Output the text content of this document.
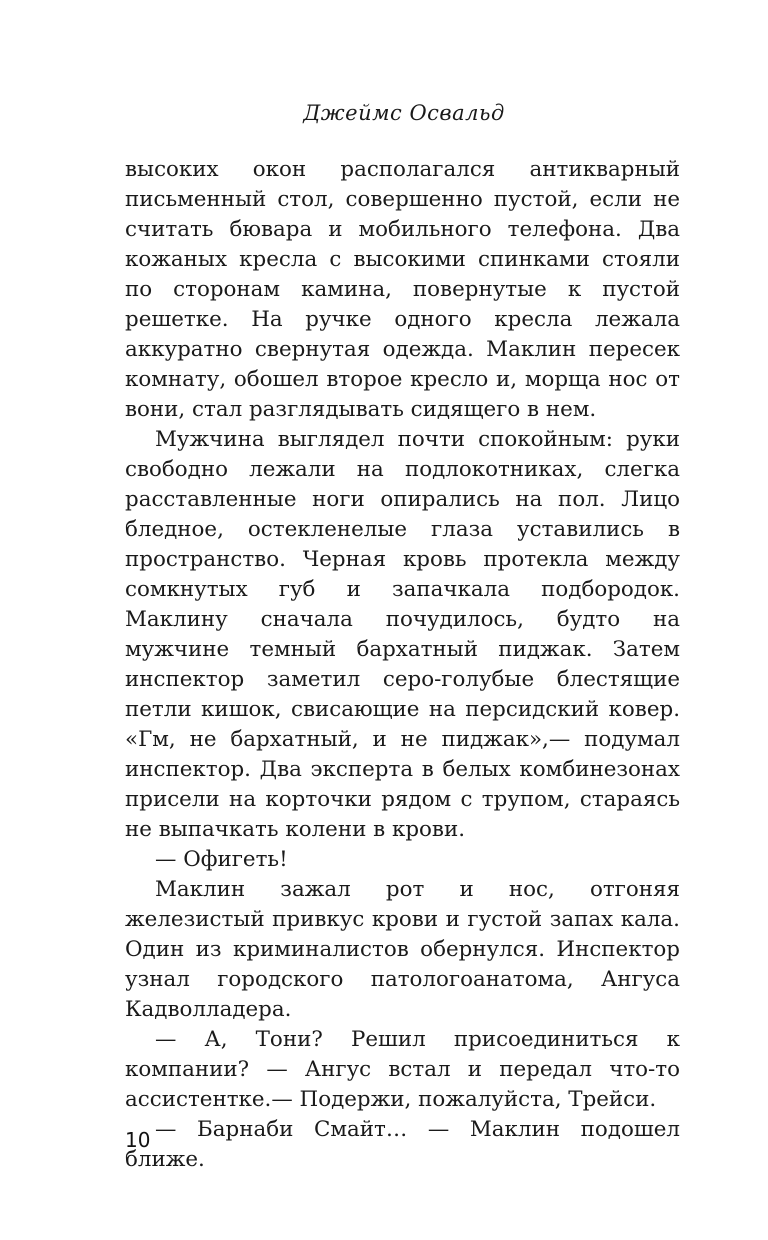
Джеймс Освальд

высоких окон располагался антикварный письменный стол, совершенно пустой, если не считать бювара и мобильного телефона. Два кожаных кресла с высокими спинками стояли по сторонам камина, повернутые к пустой решетке. На ручке одного кресла лежала аккуратно свернутая одежда. Маклин пересек комнату, обошел второе кресло и, морща нос от вони, стал разглядывать сидящего в нем.

Мужчина выглядел почти спокойным: руки свободно лежали на подлокотниках, слегка расставленные ноги опирались на пол. Лицо бледное, остекленелые глаза уставились в пространство. Черная кровь протекла между сомкнутых губ и запачкала подбородок. Маклину сначала почудилось, будто на мужчине темный бархатный пиджак. Затем инспектор заметил серо-голубые блестящие петли кишок, свисающие на персидский ковер. «Гм, не бархатный, и не пиджак»,— подумал инспектор. Два эксперта в белых комбинезонах присели на корточки рядом с трупом, стараясь не выпачкать колени в крови.

— Офигеть!

Маклин зажал рот и нос, отгоняя железистый привкус крови и густой запах кала. Один из криминалистов обернулся. Инспектор узнал городского патологоанатома, Ангуса Кадволладера.

— А, Тони? Решил присоединиться к компании? — Ангус встал и передал что-то ассистентке.— Подержи, пожалуйста, Трейси.

— Барнаби Смайт… — Маклин подошел ближе.

10
